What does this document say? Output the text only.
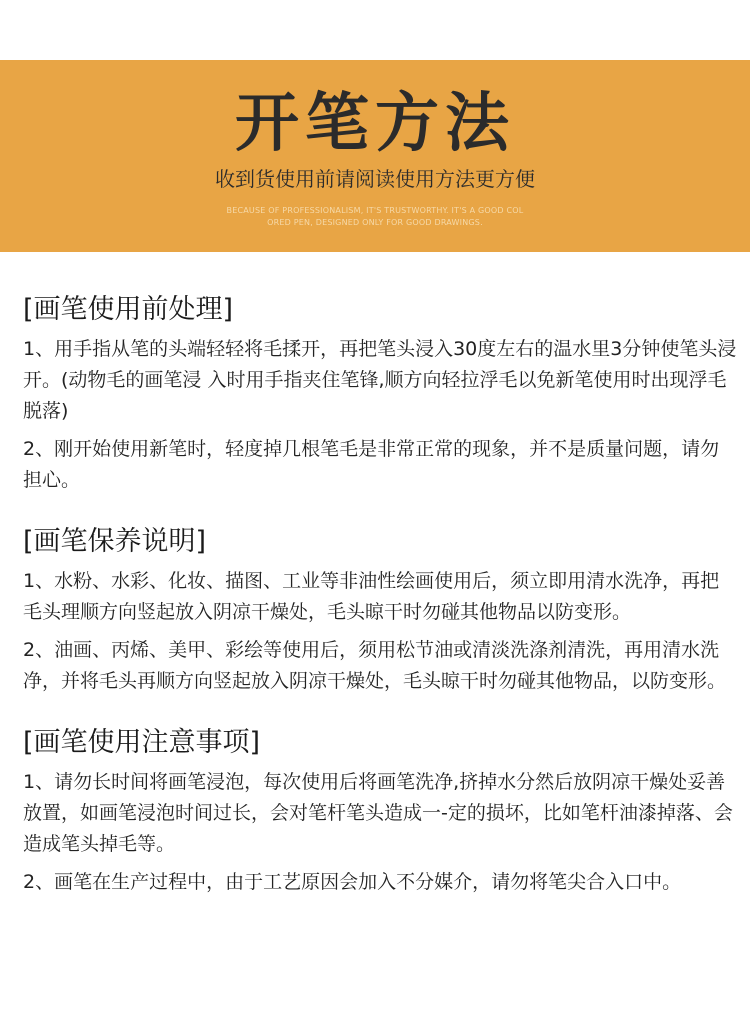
开笔方法
收到货使用前请阅读使用方法更方便
BECAUSE OF PROFESSIONALISM, IT'S TRUSTWORTHY. IT'S A GOOD COL
ORED PEN, DESIGNED ONLY FOR GOOD DRAWINGS.
[画笔使用前处理]

1、用手指从笔的头端轻轻将毛揉开，再把笔头浸入30度左右的温水里3分钟使笔头浸开。(动物毛的画笔浸 入时用手指夹住笔锋,顺方向轻拉浮毛以免新笔使用时出现浮毛脱落)

2、刚开始使用新笔时，轻度掉几根笔毛是非常正常的现象，并不是质量问题，请勿担心。

[画笔保养说明]

1、水粉、水彩、化妆、描图、工业等非油性绘画使用后，须立即用清水洗净，再把毛头理顺方向竖起放入阴凉干燥处，毛头晾干时勿碰其他物品以防变形。

2、油画、丙烯、美甲、彩绘等使用后，须用松节油或清淡洗涤剂清洗，再用清水洗净，并将毛头再顺方向竖起放入阴凉干燥处，毛头晾干时勿碰其他物品，以防变形。

[画笔使用注意事项]

1、请勿长时间将画笔浸泡，每次使用后将画笔洗净,挤掉水分然后放阴凉干燥处妥善放置，如画笔浸泡时间过长，会对笔杆笔头造成一-定的损坏，比如笔杆油漆掉落、会造成笔头掉毛等。

2、画笔在生产过程中，由于工艺原因会加入不分媒介，请勿将笔尖合入口中。
